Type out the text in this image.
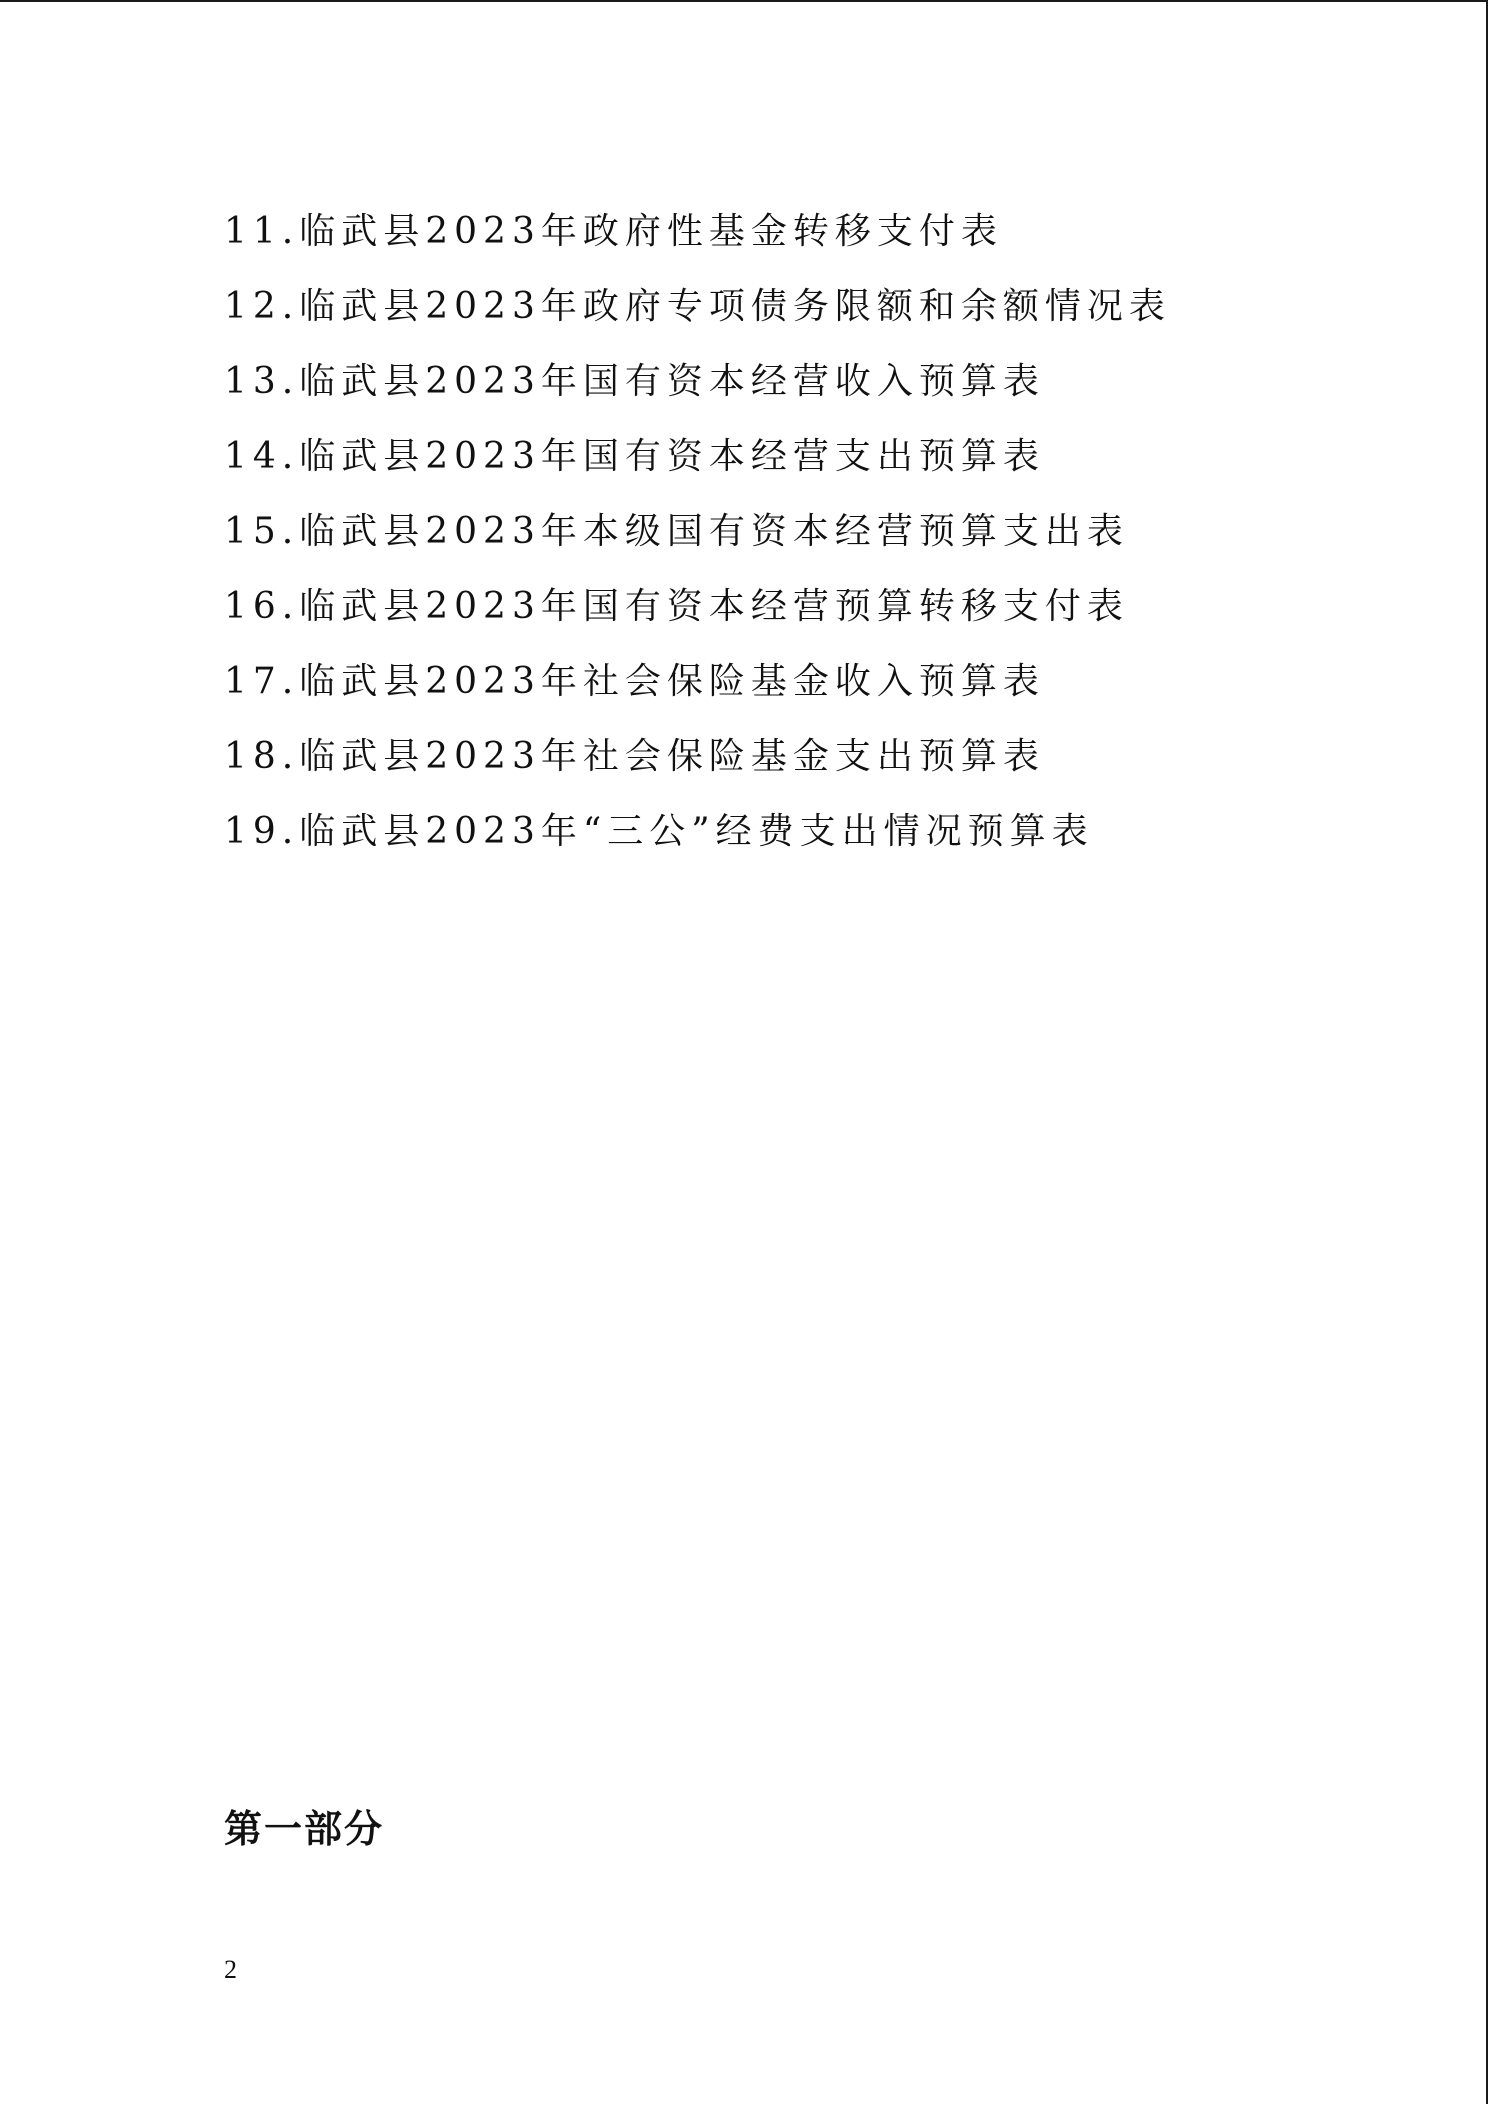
11.临武县2023年政府性基金转移支付表
12.临武县2023年政府专项债务限额和余额情况表
13.临武县2023年国有资本经营收入预算表
14.临武县2023年国有资本经营支出预算表
15.临武县2023年本级国有资本经营预算支出表
16.临武县2023年国有资本经营预算转移支付表
17.临武县2023年社会保险基金收入预算表
18.临武县2023年社会保险基金支出预算表
19.临武县2023年“三公”经费支出情况预算表
第一部分
2
